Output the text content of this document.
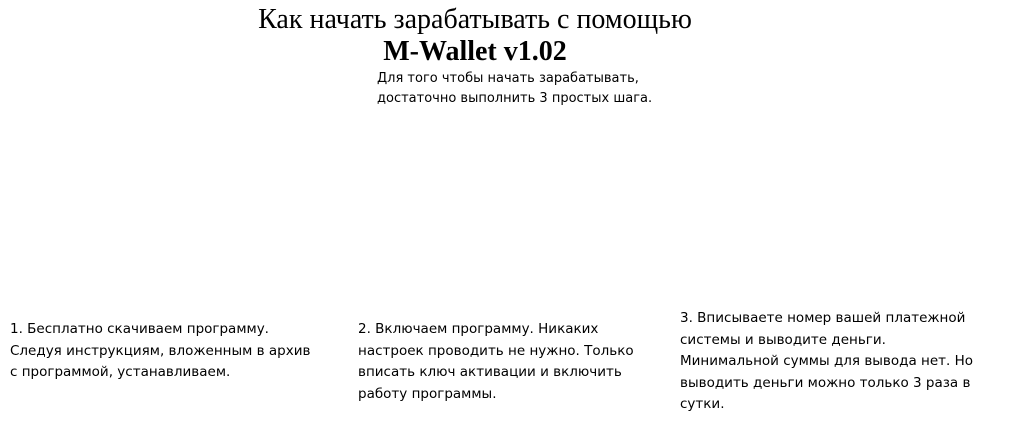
Как начать зарабатывать с помощью
M-Wallet v1.02
Для того чтобы начать зарабатывать,
достаточно выполнить 3 простых шага.
1. Бесплатно скачиваем программу.
Следуя инструкциям, вложенным в архив
с программой, устанавливаем.
2. Включаем программу. Никаких
настроек проводить не нужно. Только
вписать ключ активации и включить
работу программы.
3. Вписываете номер вашей платежной
системы и выводите деньги.
Минимальной суммы для вывода нет. Но
выводить деньги можно только 3 раза в
сутки.
